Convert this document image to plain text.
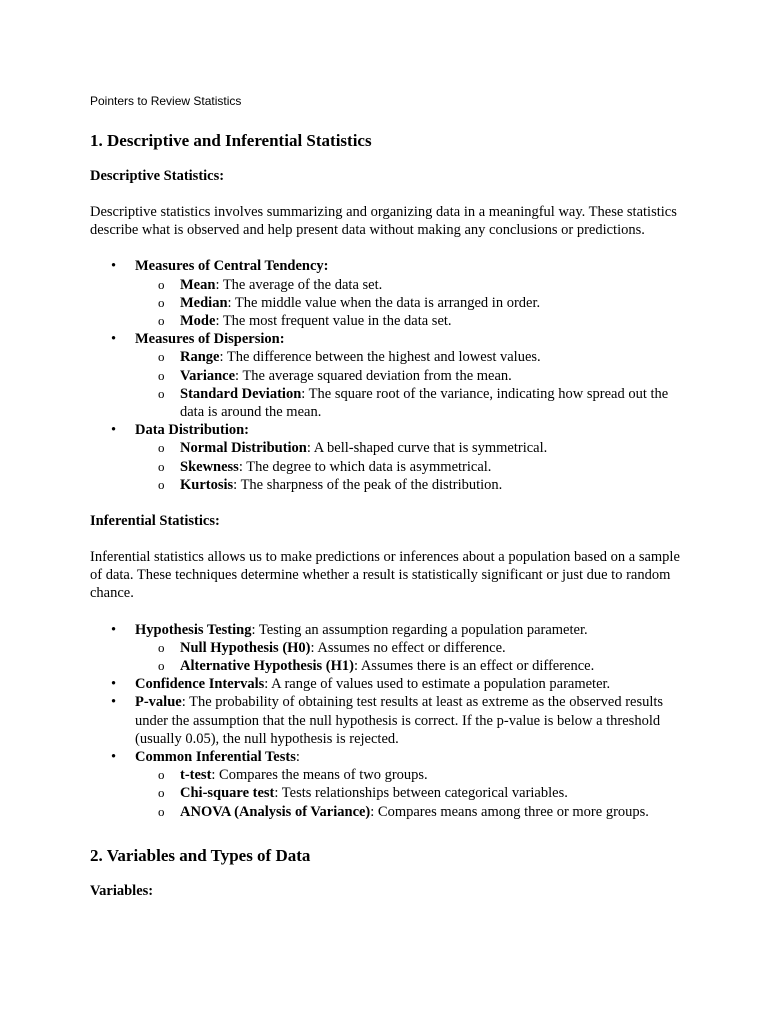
Pointers to Review Statistics
1. Descriptive and Inferential Statistics
Descriptive Statistics:

Descriptive statistics involves summarizing and organizing data in a meaningful way. These statistics describe what is observed and help present data without making any conclusions or predictions.

• Measures of Central Tendency:
o Mean: The average of the data set.
o Median: The middle value when the data is arranged in order.
o Mode: The most frequent value in the data set.
• Measures of Dispersion:
o Range: The difference between the highest and lowest values.
o Variance: The average squared deviation from the mean.
o Standard Deviation: The square root of the variance, indicating how spread out the data is around the mean.
• Data Distribution:
o Normal Distribution: A bell-shaped curve that is symmetrical.
o Skewness: The degree to which data is asymmetrical.
o Kurtosis: The sharpness of the peak of the distribution.
Inferential Statistics:

Inferential statistics allows us to make predictions or inferences about a population based on a sample of data. These techniques determine whether a result is statistically significant or just due to random chance.

• Hypothesis Testing: Testing an assumption regarding a population parameter.
o Null Hypothesis (H0): Assumes no effect or difference.
o Alternative Hypothesis (H1): Assumes there is an effect or difference.
• Confidence Intervals: A range of values used to estimate a population parameter.
• P-value: The probability of obtaining test results at least as extreme as the observed results under the assumption that the null hypothesis is correct. If the p-value is below a threshold (usually 0.05), the null hypothesis is rejected.
• Common Inferential Tests:
o t-test: Compares the means of two groups.
o Chi-square test: Tests relationships between categorical variables.
o ANOVA (Analysis of Variance): Compares means among three or more groups.
2. Variables and Types of Data
Variables:
